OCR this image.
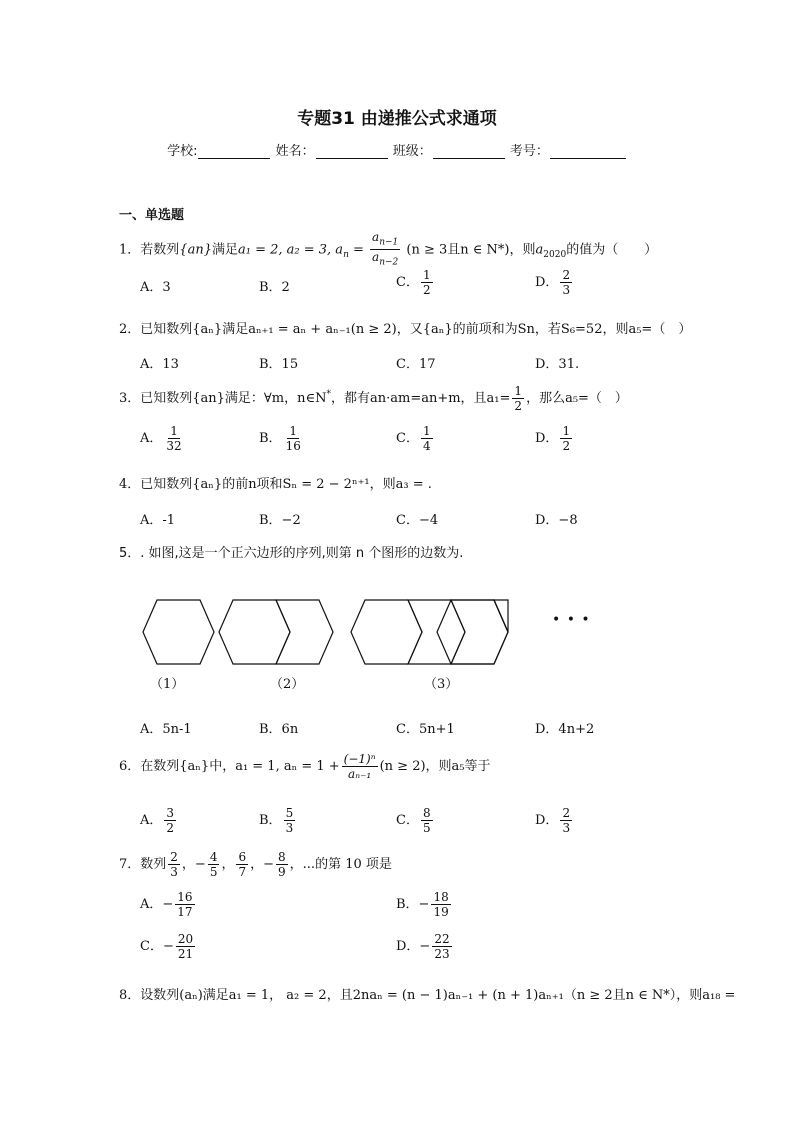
专题31 由递推公式求通项
学校:	姓名：	班级：	考号：
一、单选题
1．若数列{an}满足a₁ = 2, a₂ = 3, $a_n = \frac{a_{n-1}}{a_{n-2}} (n \ge 3$且n ∈ N*)，则$a_{2020}$的值为（　　）
A．3	B．2	C． $\frac{1}{2}$	D． $\frac{2}{3}$
2．已知数列{aₙ}满足aₙ₊₁ = aₙ + aₙ₋₁(n ≥ 2)，又{aₙ}的前项和为Sn，若S₆=52，则a₅=（　）
A．13	B．15	C．17	D．31.
3．已知数列{an}满足：∀m，n∈N*，都有an·am=an+m，且$a_1= \frac{1}{2}$ ，那么a₅=（　）
A． $\frac{1}{32}$	B． $\frac{1}{16}$	C． $\frac{1}{4}$	D． $\frac{1}{2}$
4．已知数列{aₙ}的前n项和Sₙ = 2 − 2ⁿ⁺¹，则a₃ = .
A．-1	B．−2	C．−4	D．−8
5．. 如图,这是一个正六边形的序列,则第 n 个图形的边数为.
• • •
（1）	（2）	（3）
A．5n-1	B．6n	C．5n+1	D．4n+2
6．在数列{aₙ}中，a₁ = 1, $a_n = 1 + \frac{\text{(−1)ⁿ}}{\text{aₙ₋₁}} (n \ge 2)$，则a₅等于
A． $\frac{3}{2}$	B． $\frac{5}{3}$	C． $\frac{8}{5}$	D． $\frac{2}{3}$
7．数列 $\frac{2}{3}$ ，− $\frac{4}{5}$ ， $\frac{6}{7}$ ，− $\frac{8}{9}$ ，...的第 10 项是
A．− $\frac{16}{17}$	B．− $\frac{18}{19}$
C．− $\frac{20}{21}$	D．− $\frac{22}{23}$
8．设数列(aₙ)满足a₁ = 1， a₂ = 2，且2naₙ = (n − 1)aₙ₋₁ + (n + 1)aₙ₊₁（n ≥ 2且n ∈ N*），则a₁₈ =
